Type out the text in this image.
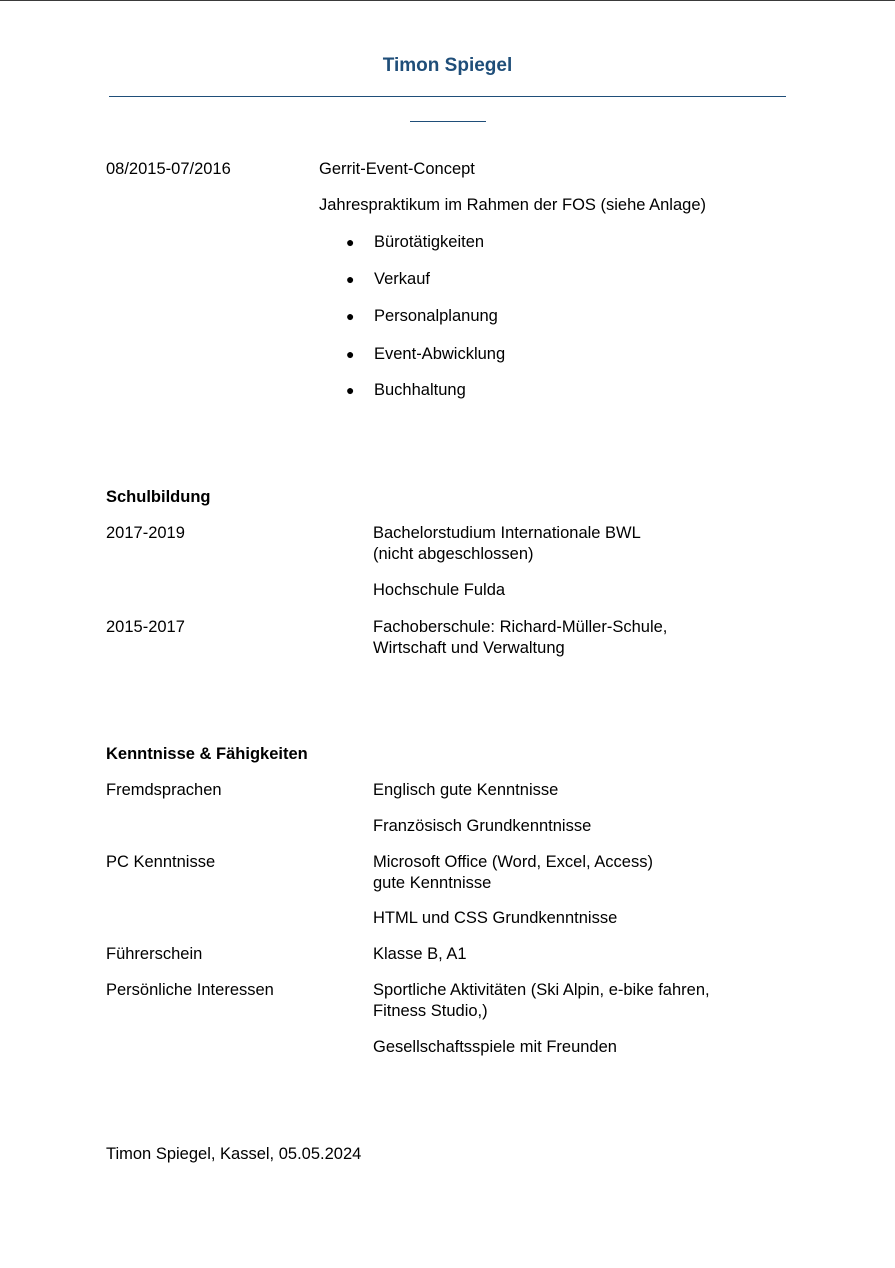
Timon Spiegel
08/2015-07/2016	Gerrit-Event-Concept
Jahrespraktikum im Rahmen der FOS (siehe Anlage)
● Bürotätigkeiten
● Verkauf
● Personalplanung
● Event-Abwicklung
● Buchhaltung
Schulbildung
2017-2019	Bachelorstudium Internationale BWL
(nicht abgeschlossen)
Hochschule Fulda
2015-2017	Fachoberschule: Richard-Müller-Schule,
Wirtschaft und Verwaltung
Kenntnisse & Fähigkeiten
Fremdsprachen	Englisch gute Kenntnisse
Französisch Grundkenntnisse
PC Kenntnisse	Microsoft Office (Word, Excel, Access)
gute Kenntnisse
HTML und CSS Grundkenntnisse
Führerschein	Klasse B, A1
Persönliche Interessen	Sportliche Aktivitäten (Ski Alpin, e-bike fahren,
Fitness Studio,)
Gesellschaftsspiele mit Freunden
Timon Spiegel, Kassel, 05.05.2024
